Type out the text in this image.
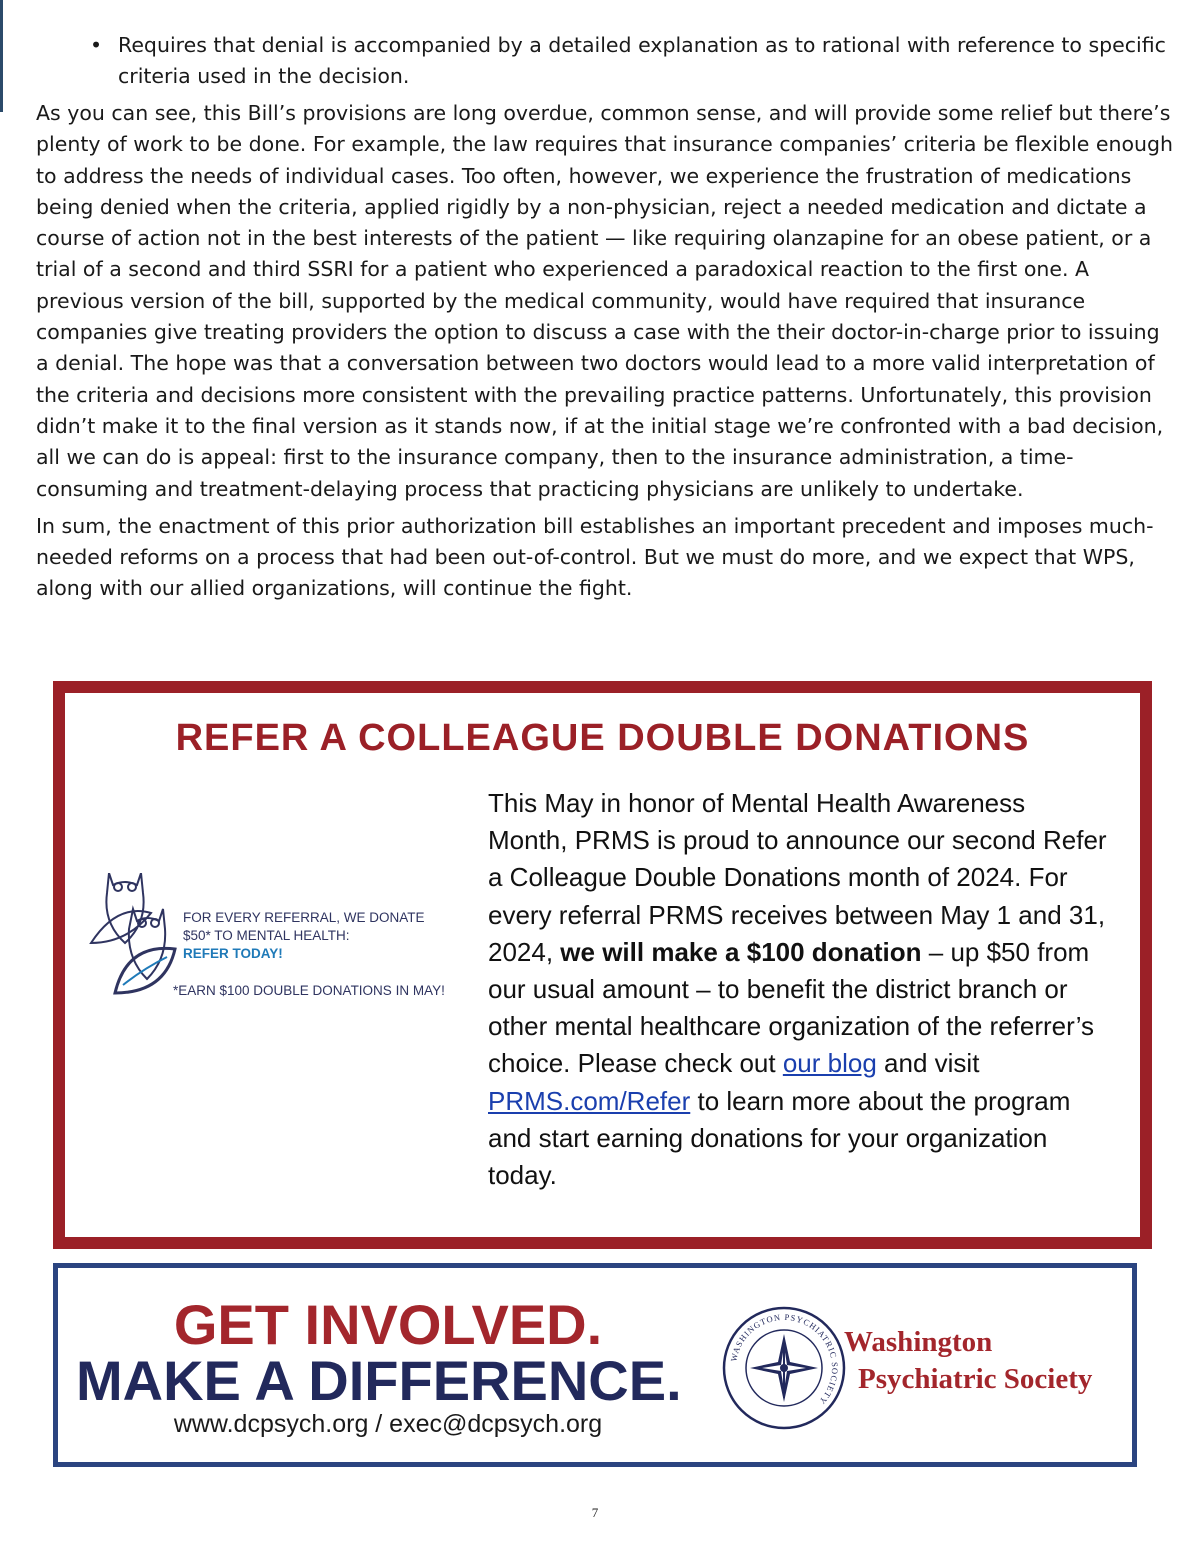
• Requires that denial is accompanied by a detailed explanation as to rational with reference to specific criteria used in the decision.

As you can see, this Bill’s provisions are long overdue, common sense, and will provide some relief but there’s plenty of work to be done. For example, the law requires that insurance companies’ criteria be flexible enough to address the needs of individual cases. Too often, however, we experience the frustration of medications being denied when the criteria, applied rigidly by a non-physician, reject a needed medication and dictate a course of action not in the best interests of the patient — like requiring olanzapine for an obese patient, or a trial of a second and third SSRI for a patient who experienced a paradoxical reaction to the first one. A previous version of the bill, supported by the medical community, would have required that insurance companies give treating providers the option to discuss a case with the their doctor-in-charge prior to issuing a denial. The hope was that a conversation between two doctors would lead to a more valid interpretation of the criteria and decisions more consistent with the prevailing practice patterns. Unfortunately, this provision didn’t make it to the final version as it stands now, if at the initial stage we’re confronted with a bad decision, all we can do is appeal: first to the insurance company, then to the insurance administration, a time-consuming and treatment-delaying process that practicing physicians are unlikely to undertake.

In sum, the enactment of this prior authorization bill establishes an important precedent and imposes much-needed reforms on a process that had been out-of-control. But we must do more, and we expect that WPS, along with our allied organizations, will continue the fight.

REFER A COLLEAGUE DOUBLE DONATIONS
FOR EVERY REFERRAL, WE DONATE
$50* TO MENTAL HEALTH:
REFER TODAY!
*EARN $100 DOUBLE DONATIONS IN MAY!
This May in honor of Mental Health Awareness Month, PRMS is proud to announce our second Refer a Colleague Double Donations month of 2024. For every referral PRMS receives between May 1 and 31, 2024, we will make a $100 donation – up $50 from our usual amount – to benefit the district branch or other mental healthcare organization of the referrer’s choice. Please check out our blog and visit PRMS.com/Refer to learn more about the program and start earning donations for your organization today.
GET INVOLVED.
MAKE A DIFFERENCE.
www.dcpsych.org / exec@dcpsych.org
WASHINGTON PSYCHIATRIC SOCIETY
Washington
Psychiatric Society
7
